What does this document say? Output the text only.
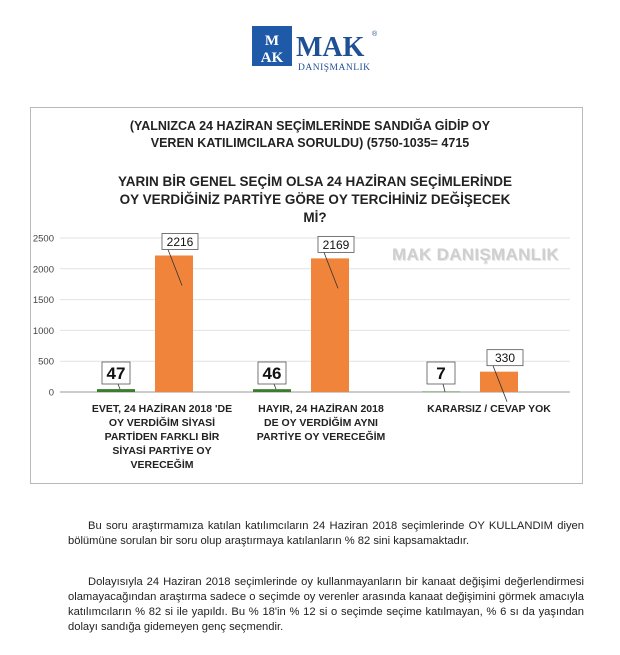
M
AK MAK ®
DANIŞMANLIK
(YALNIZCA 24 HAZİRAN SEÇİMLERİNDE SANDIĞA GİDİP OY
VEREN KATILIMCILARA SORULDU) (5750-1035= 4715
YARIN BİR GENEL SEÇİM OLSA 24 HAZİRAN SEÇİMLERİNDE
OY VERDİĞİNİZ PARTİYE GÖRE OY TERCİHİNİZ DEĞİŞECEK
Mİ?
MAK DANIŞMANLIK
0
500
1000
1500
2000
2500
47
2216
46
2169
7
330
EVET, 24 HAZİRAN 2018 'DE
OY VERDİĞİM SİYASİ
PARTİDEN FARKLI BİR
SİYASİ PARTİYE OY
VERECEĞİM
HAYIR, 24 HAZİRAN 2018
DE OY VERDİĞİM AYNI
PARTİYE OY VERECEĞİM
KARARSIZ / CEVAP YOK
Bu soru araştırmamıza katılan katılımcıların 24 Haziran 2018 seçimlerinde OY KULLANDIM diyen bölümüne sorulan bir soru olup araştırmaya katılanların % 82 sini kapsamaktadır.
Dolayısıyla 24 Haziran 2018 seçimlerinde oy kullanmayanların bir kanaat değişimi değerlendirmesi olamayacağından araştırma sadece o seçimde oy verenler arasında kanaat değişimini görmek amacıyla katılımcıların % 82 si ile yapıldı. Bu % 18'in % 12 si o seçimde seçime katılmayan, % 6 sı da yaşından dolayı sandığa gidemeyen genç seçmendir.
